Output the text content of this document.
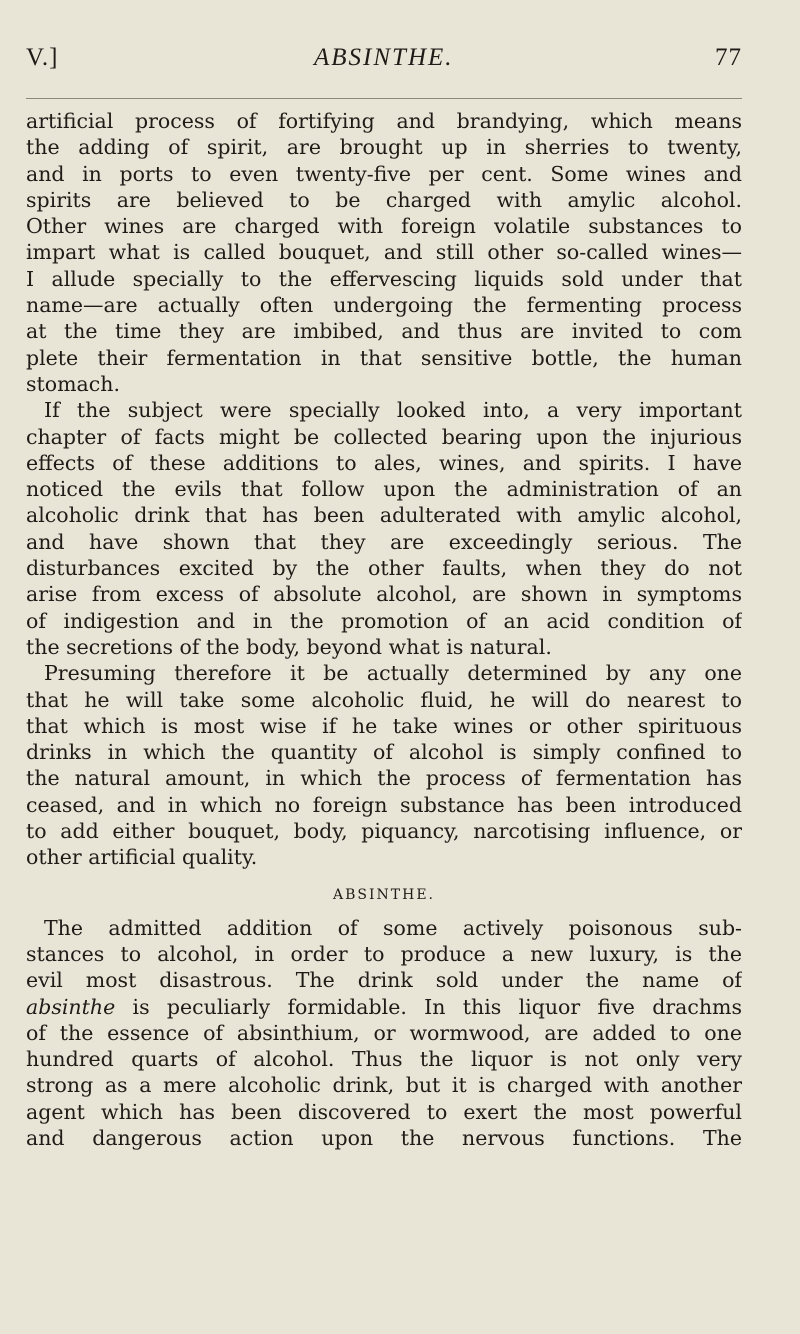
V.]	ABSINTHE.	77
artificial process of fortifying and brandying, which means
the adding of spirit, are brought up in sherries to twenty,
and in ports to even twenty-five per cent. Some wines and
spirits are believed to be charged with amylic alcohol.
Other wines are charged with foreign volatile substances to
impart what is called bouquet, and still other so-called wines—
I allude specially to the effervescing liquids sold under that
name—are actually often undergoing the fermenting process
at the time they are imbibed, and thus are invited to com
plete their fermentation in that sensitive bottle, the human
stomach.
If the subject were specially looked into, a very important
chapter of facts might be collected bearing upon the injurious
effects of these additions to ales, wines, and spirits. I have
noticed the evils that follow upon the administration of an
alcoholic drink that has been adulterated with amylic alcohol,
and have shown that they are exceedingly serious. The
disturbances excited by the other faults, when they do not
arise from excess of absolute alcohol, are shown in symptoms
of indigestion and in the promotion of an acid condition of
the secretions of the body, beyond what is natural.
Presuming therefore it be actually determined by any one
that he will take some alcoholic fluid, he will do nearest to
that which is most wise if he take wines or other spirituous
drinks in which the quantity of alcohol is simply confined to
the natural amount, in which the process of fermentation has
ceased, and in which no foreign substance has been introduced
to add either bouquet, body, piquancy, narcotising influence, or
other artificial quality.
ABSINTHE.
The admitted addition of some actively poisonous sub-
stances to alcohol, in order to produce a new luxury, is the
evil most disastrous. The drink sold under the name of
absinthe is peculiarly formidable. In this liquor five drachms
of the essence of absinthium, or wormwood, are added to one
hundred quarts of alcohol. Thus the liquor is not only very
strong as a mere alcoholic drink, but it is charged with another
agent which has been discovered to exert the most powerful
and dangerous action upon the nervous functions. The
